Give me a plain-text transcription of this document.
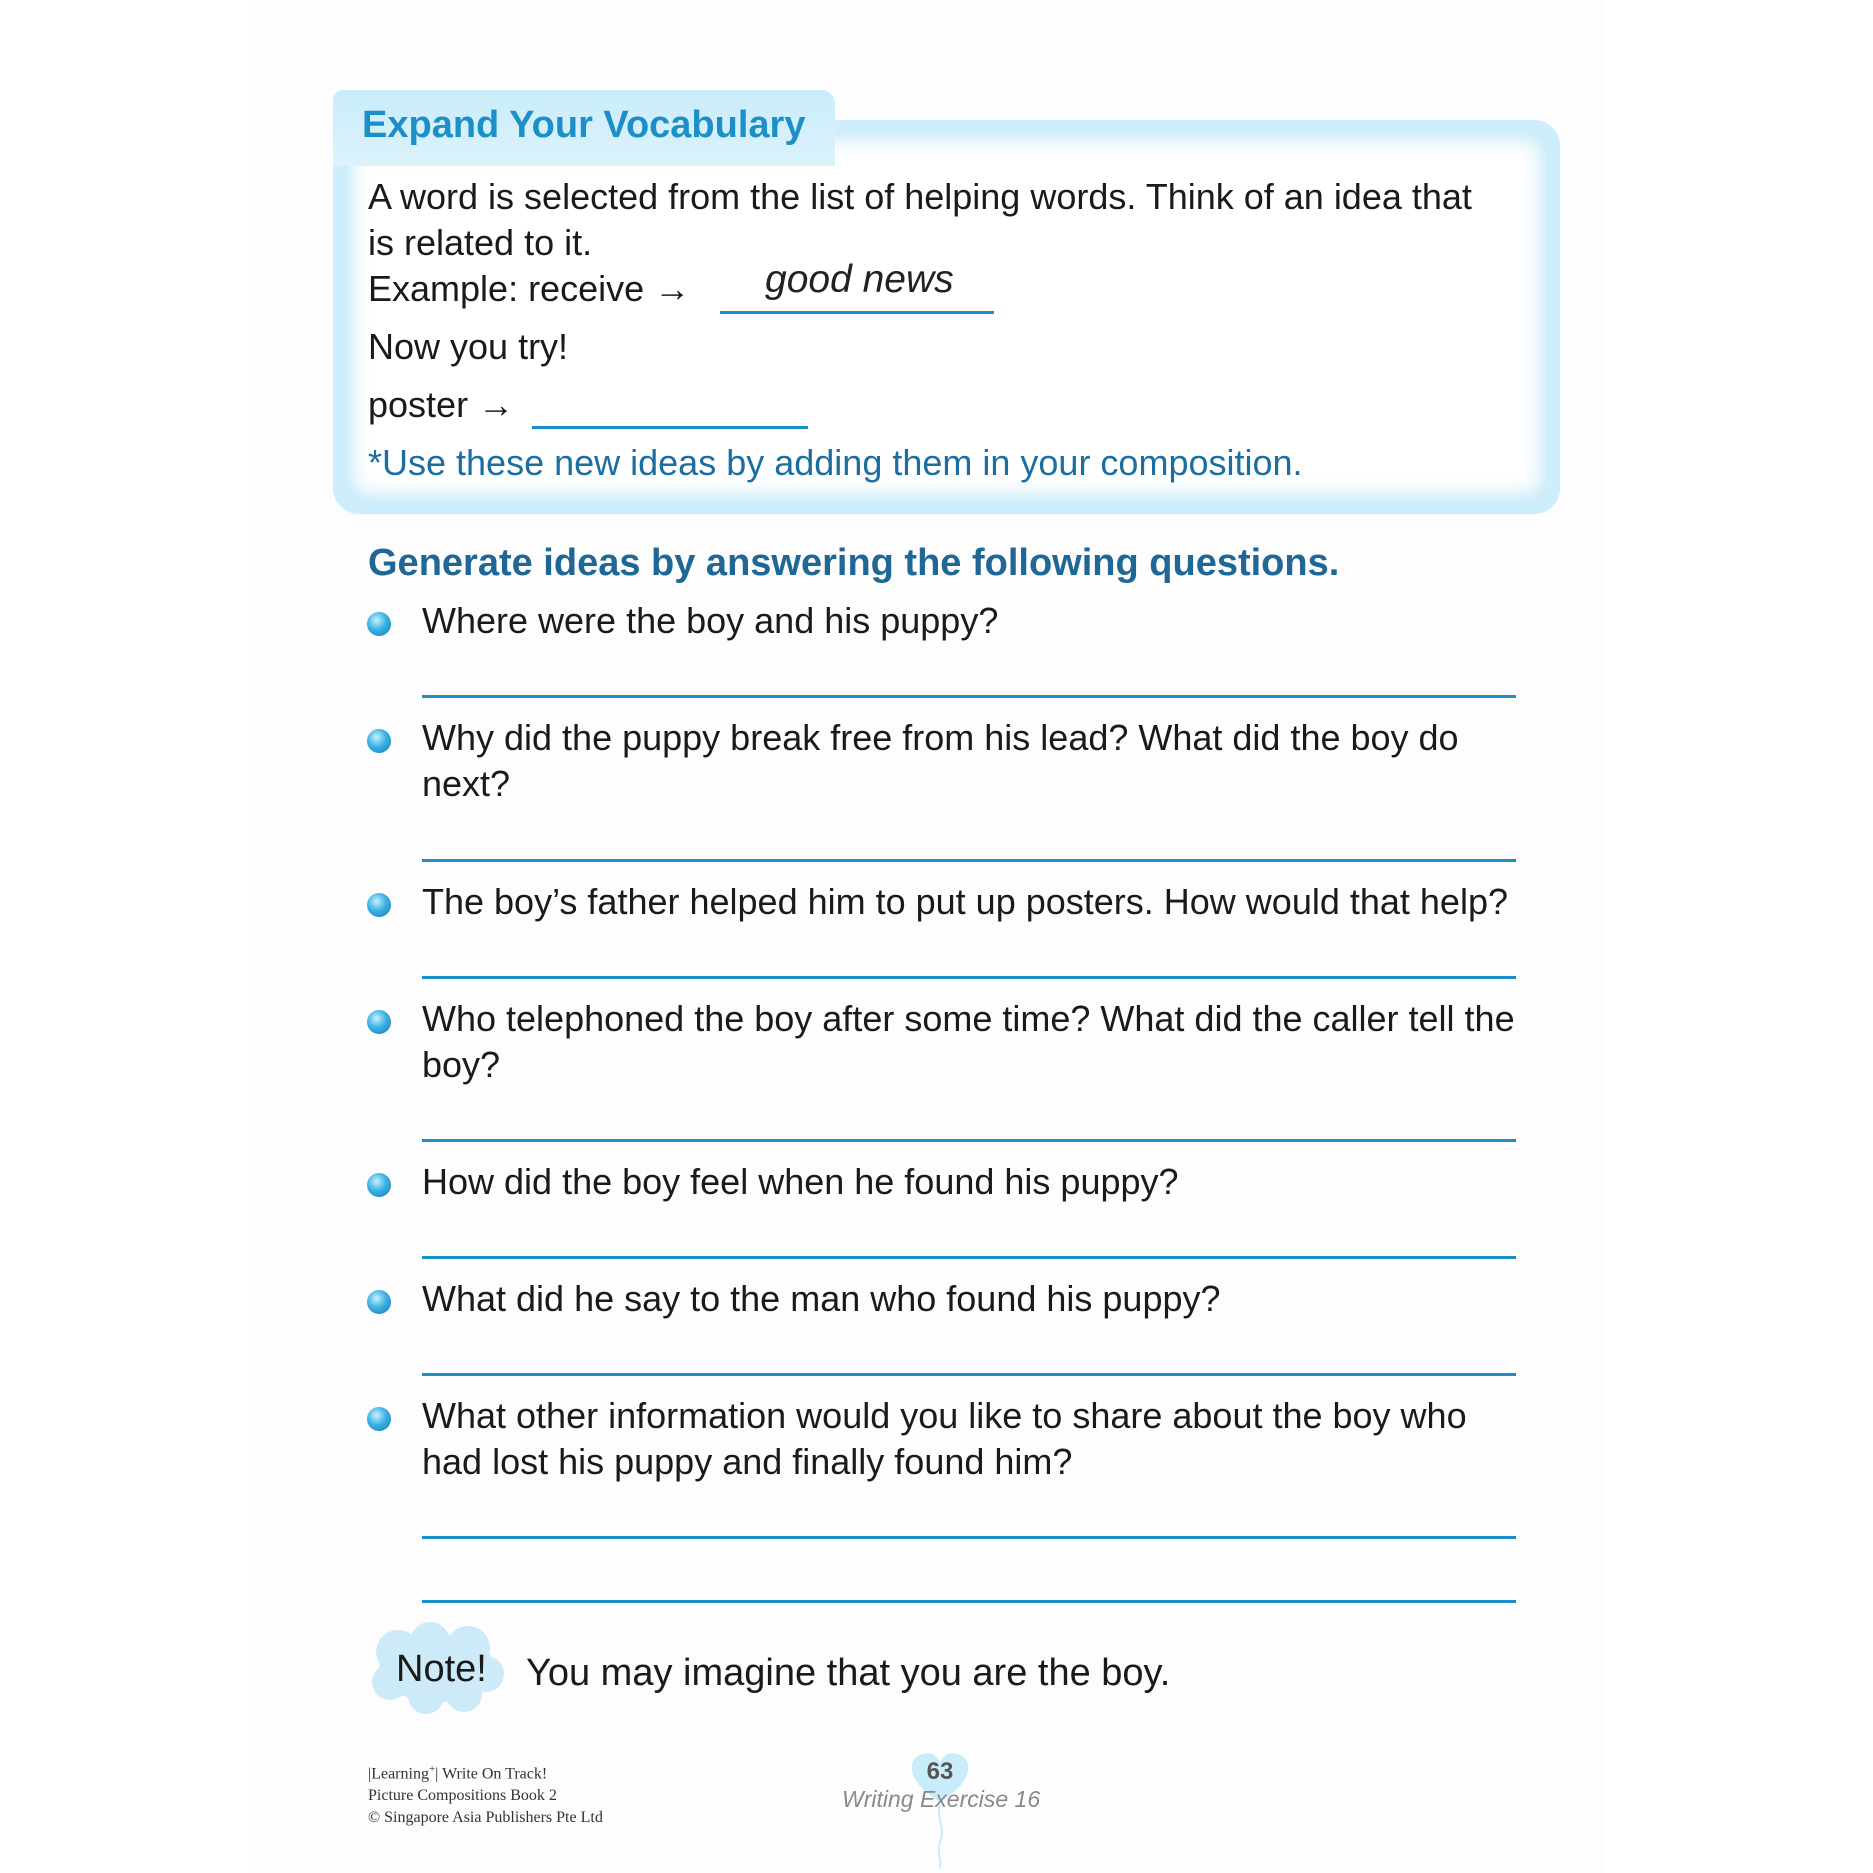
Expand Your Vocabulary
A word is selected from the list of helping words. Think of an idea that
is related to it.
Example: receive → good news
Now you try!
poster →
*Use these new ideas by adding them in your composition.
Generate ideas by answering the following questions.
Where were the boy and his puppy?
Why did the puppy break free from his lead? What did the boy do next?
The boy’s father helped him to put up posters. How would that help?
Who telephoned the boy after some time? What did the caller tell the boy?
How did the boy feel when he found his puppy?
What did he say to the man who found his puppy?
What other information would you like to share about the boy who had lost his puppy and finally found him?
Note! You may imagine that you are the boy.
|Learning+| Write On Track!
Picture Compositions Book 2
© Singapore Asia Publishers Pte Ltd
63
Writing Exercise 16
